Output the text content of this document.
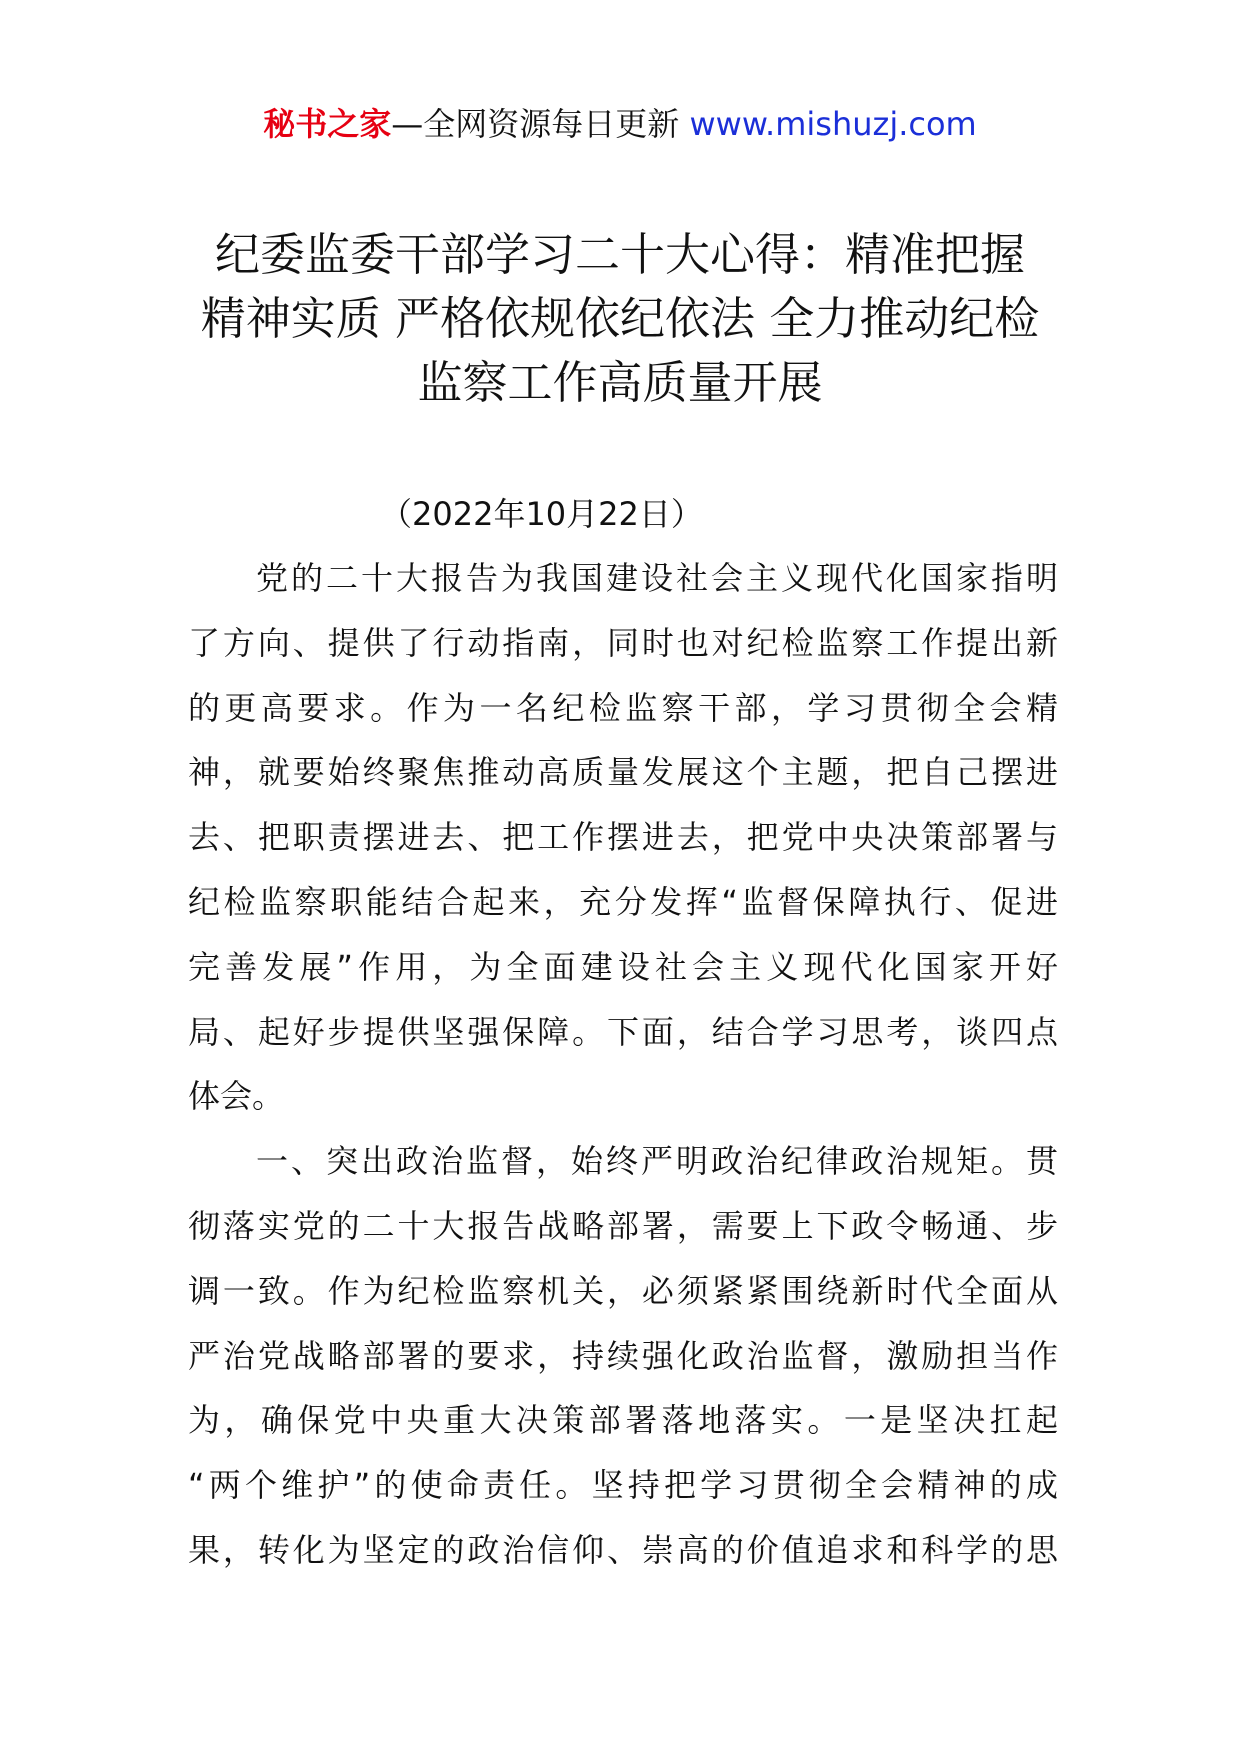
秘书之家—全网资源每日更新 www.mishuzj.com
纪委监委干部学习二十大心得：精准把握
精神实质 严格依规依纪依法 全力推动纪检
监察工作高质量开展
（2022年10月22日）
党的二十大报告为我国建设社会主义现代化国家指明
了方向、提供了行动指南，同时也对纪检监察工作提出新
的更高要求。作为一名纪检监察干部，学习贯彻全会精
神，就要始终聚焦推动高质量发展这个主题，把自己摆进
去、把职责摆进去、把工作摆进去，把党中央决策部署与
纪检监察职能结合起来，充分发挥“监督保障执行、促进
完善发展”作用，为全面建设社会主义现代化国家开好
局、起好步提供坚强保障。下面，结合学习思考，谈四点
体会。
一、突出政治监督，始终严明政治纪律政治规矩。贯
彻落实党的二十大报告战略部署，需要上下政令畅通、步
调一致。作为纪检监察机关，必须紧紧围绕新时代全面从
严治党战略部署的要求，持续强化政治监督，激励担当作
为，确保党中央重大决策部署落地落实。一是坚决扛起
“两个维护”的使命责任。坚持把学习贯彻全会精神的成
果，转化为坚定的政治信仰、崇高的价值追求和科学的思
